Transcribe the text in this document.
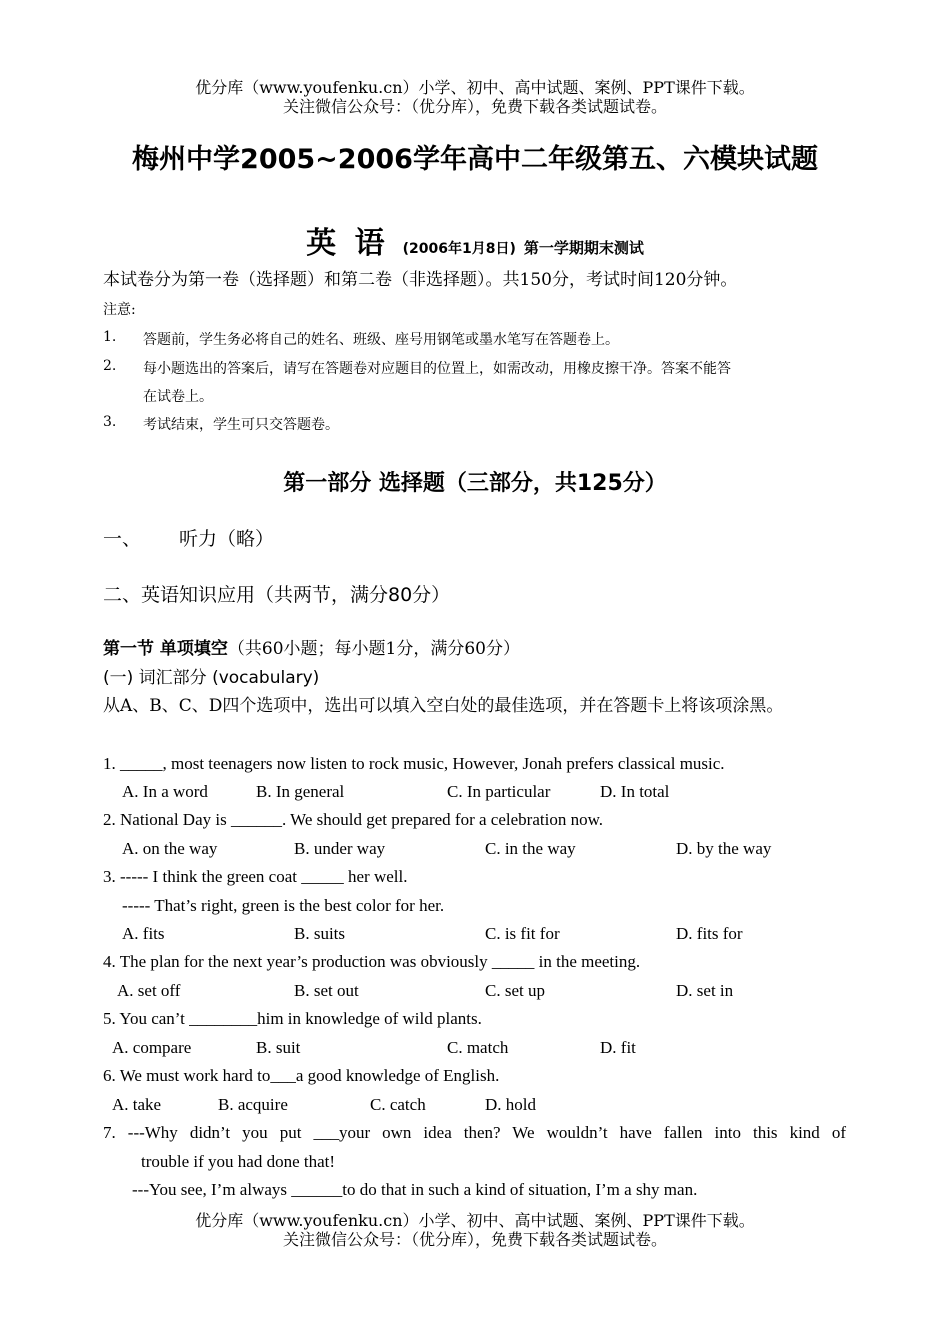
优分库（www.youfenku.cn）小学、初中、高中试题、案例、PPT课件下载。
关注微信公众号：（优分库），免费下载各类试题试卷。
梅州中学2005~2006学年高中二年级第五、六模块试题
英 语 (2006年1月8日) 第一学期期末测试
本试卷分为第一卷（选择题）和第二卷（非选择题）。共150分，考试时间120分钟。
注意:
1. 答题前，学生务必将自己的姓名、班级、座号用钢笔或墨水笔写在答题卷上。
2. 每小题选出的答案后，请写在答题卷对应题目的位置上，如需改动，用橡皮擦干净。答案不能答
在试卷上。
3. 考试结束，学生可只交答题卷。
第一部分 选择题（三部分，共125分）
一、 听力（略）
二、英语知识应用（共两节，满分80分）
第一节 单项填空（共60小题；每小题1分，满分60分）
(一) 词汇部分 (vocabulary)
从A、B、C、D四个选项中，选出可以填入空白处的最佳选项，并在答题卡上将该项涂黑。
1. _____, most teenagers now listen to rock music, However, Jonah prefers classical music.
A. In a word	B. In general	C. In particular	D. In total
2. National Day is ______. We should get prepared for a celebration now.
A. on the way	B. under way	C. in the way	D. by the way
3. ----- I think the green coat _____ her well.
----- That’s right, green is the best color for her.
A. fits	B. suits	C. is fit for	D. fits for
4. The plan for the next year’s production was obviously _____ in the meeting.
A. set off	B. set out	C. set up	D. set in
5. You can’t ________him in knowledge of wild plants.
A. compare	B. suit	C. match	D. fit
6. We must work hard to___a good knowledge of English.
A. take	B. acquire	C. catch	D. hold
7. ---Why didn’t you put ___your own idea then? We wouldn’t have fallen into this kind of
trouble if you had done that!
---You see, I’m always ______to do that in such a kind of situation, I’m a shy man.
优分库（www.youfenku.cn）小学、初中、高中试题、案例、PPT课件下载。
关注微信公众号：（优分库），免费下载各类试题试卷。
